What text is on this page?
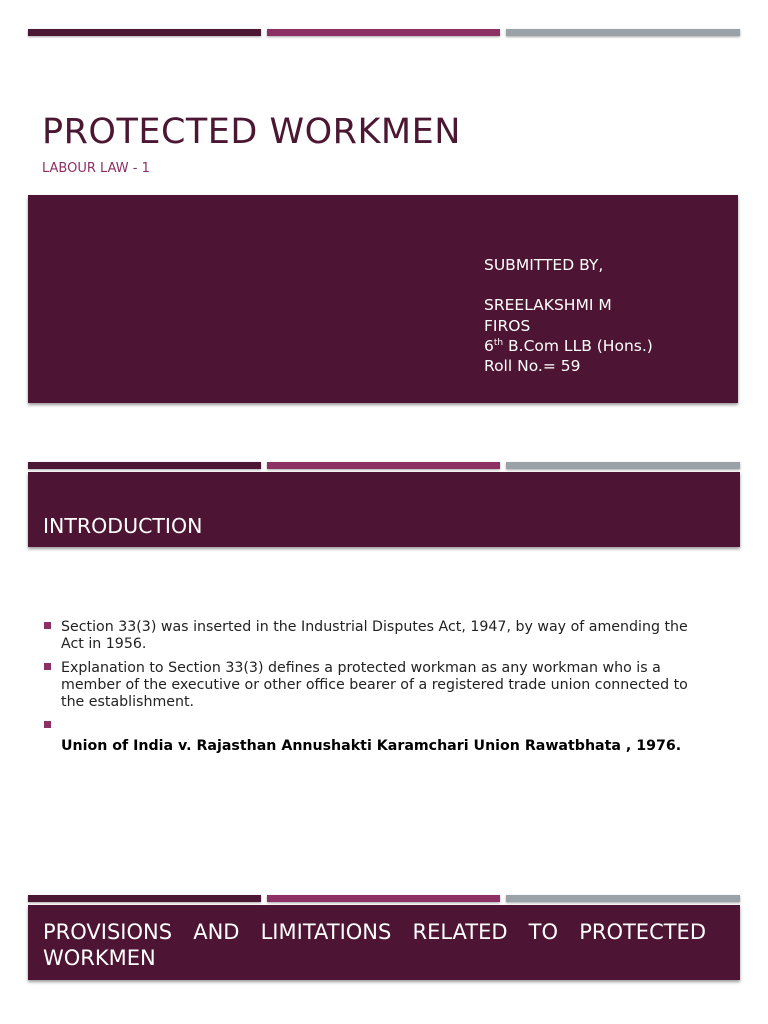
PROTECTED WORKMEN

LABOUR LAW - 1

SUBMITTED BY,
SREELAKSHMI M
FIROS
6th B.Com LLB (Hons.)
Roll No.= 59
INTRODUCTION
Section 33(3) was inserted in the Industrial Disputes Act, 1947, by way of amending the Act in 1956.
Explanation to Section 33(3) defines a protected workman as any workman who is a member of the executive or other office bearer of a registered trade union connected to the establishment.
Union of India v. Rajasthan Annushakti Karamchari Union Rawatbhata , 1976.
PROVISIONS AND LIMITATIONS RELATED TO PROTECTED WORKMEN
